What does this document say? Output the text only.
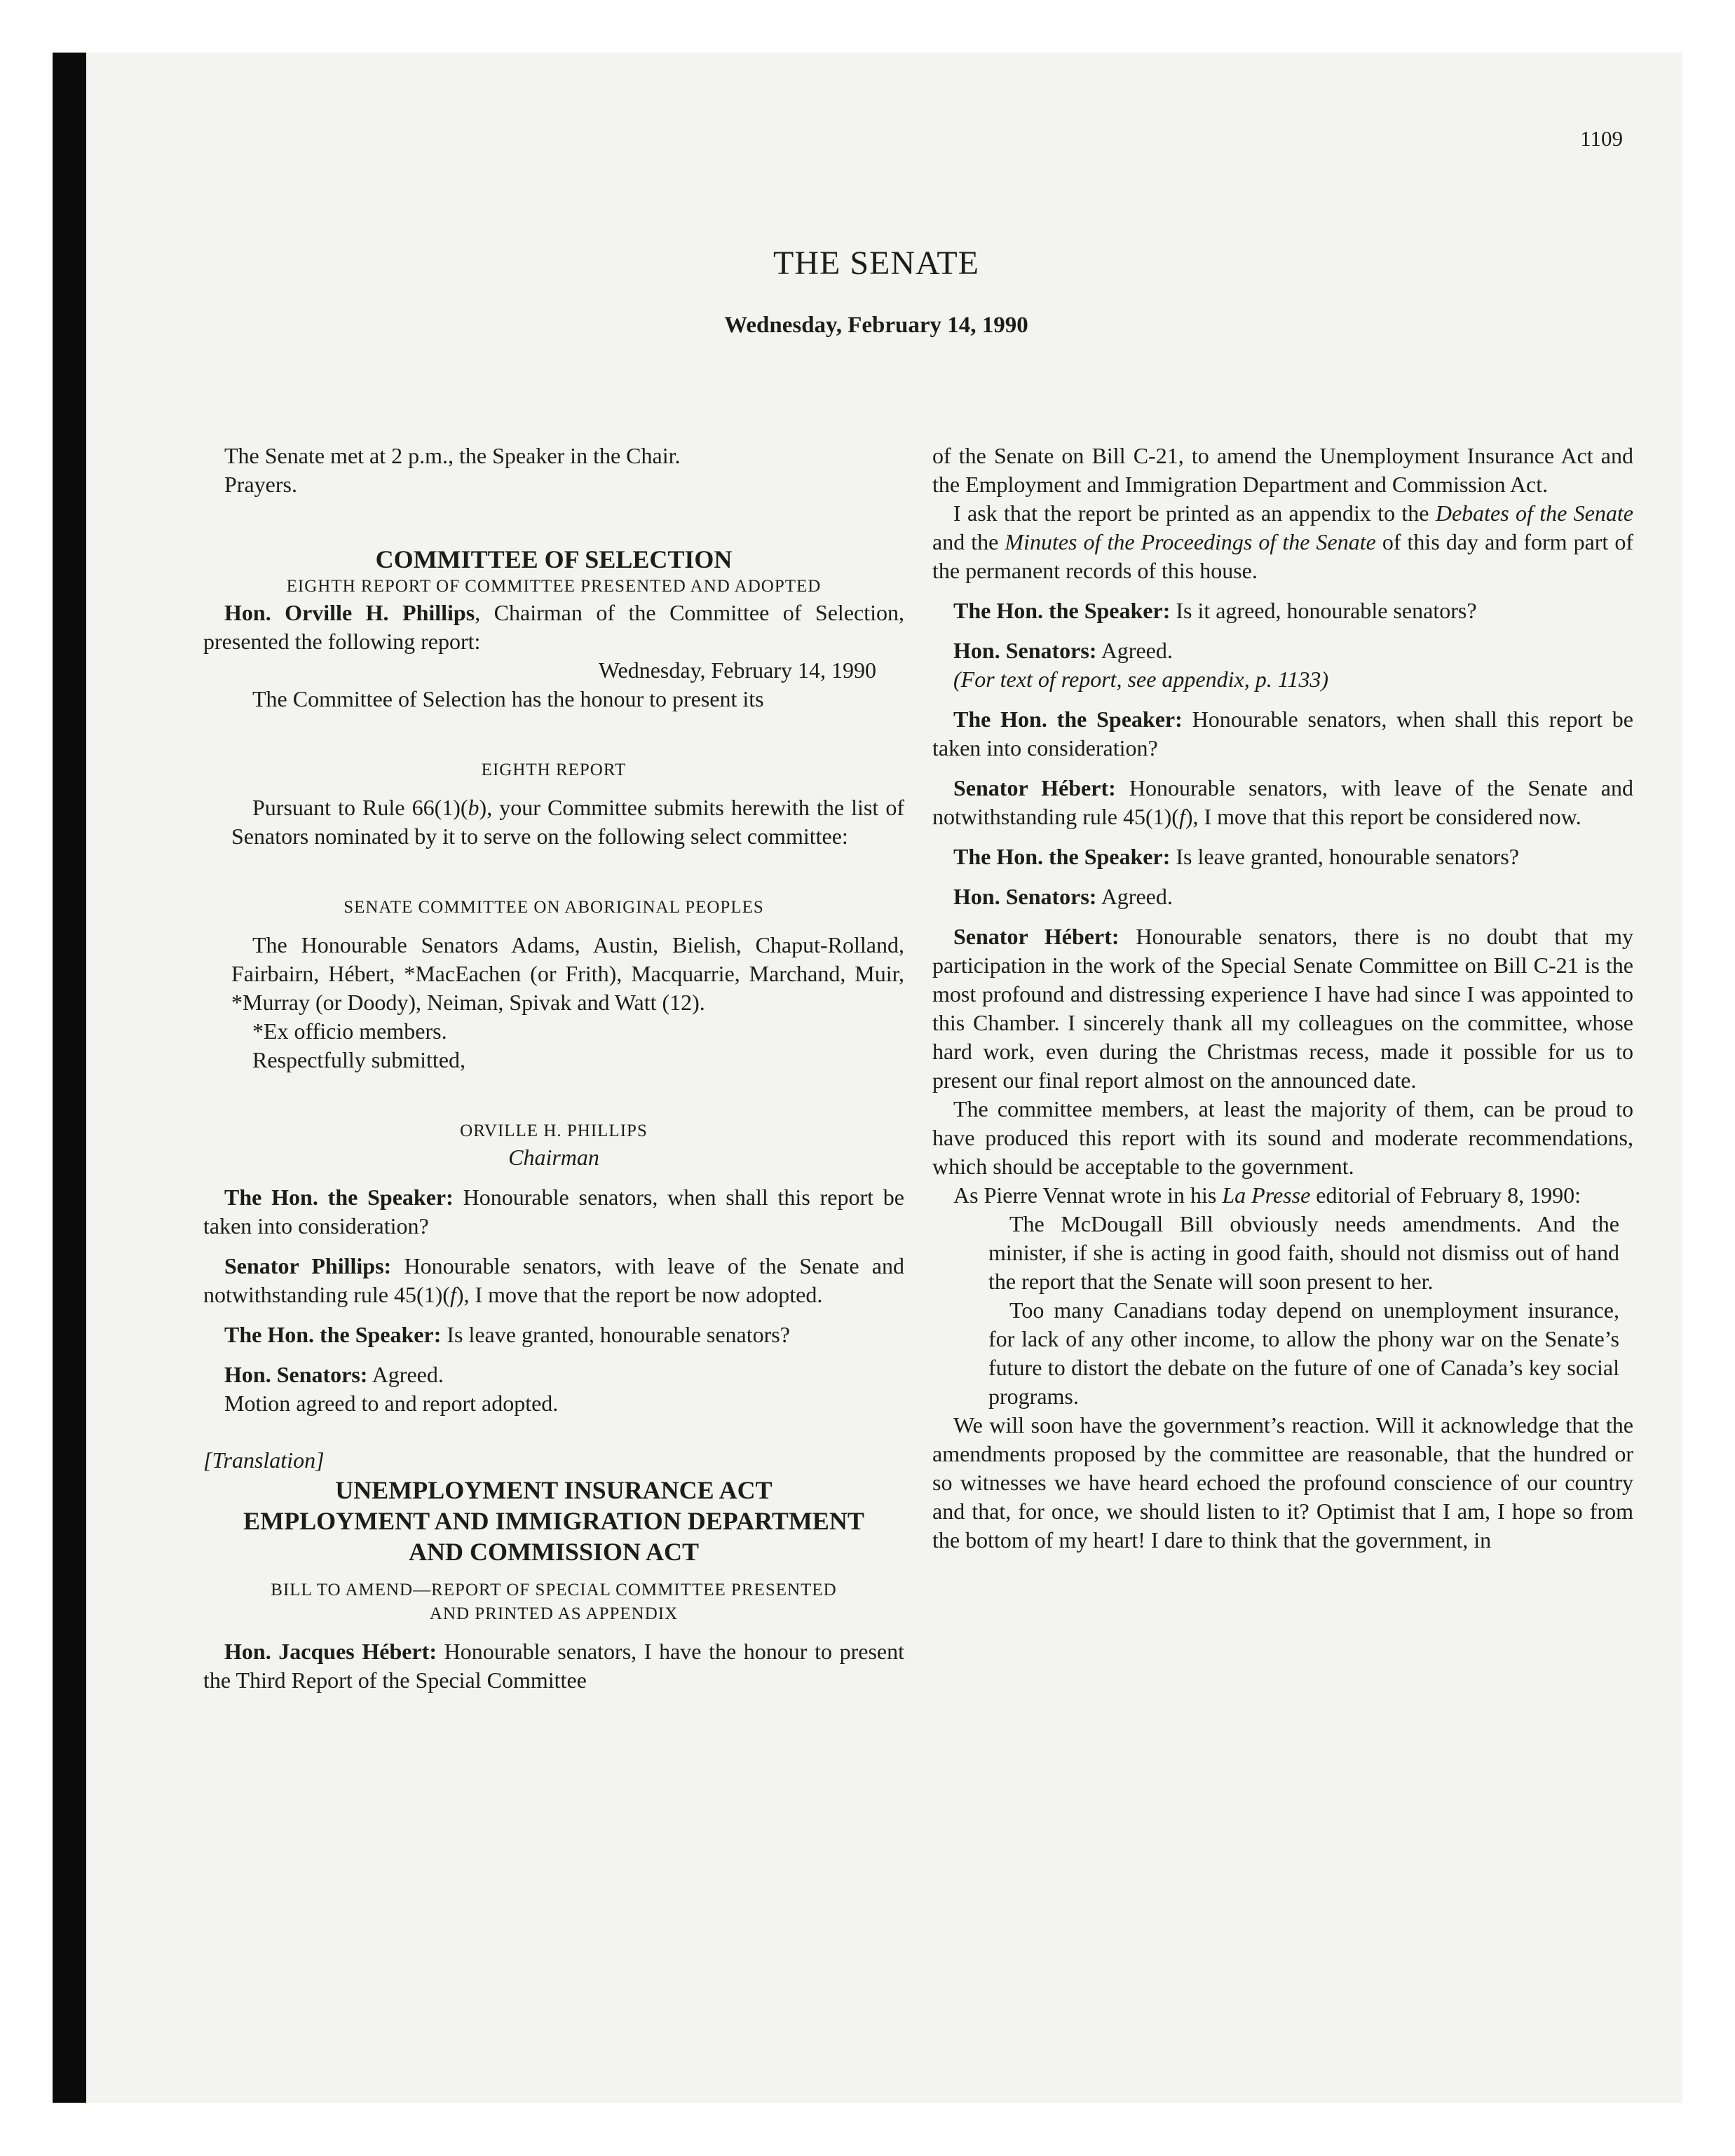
1109
THE SENATE
Wednesday, February 14, 1990

The Senate met at 2 p.m., the Speaker in the Chair.

Prayers.

COMMITTEE OF SELECTION

EIGHTH REPORT OF COMMITTEE PRESENTED AND ADOPTED

Hon. Orville H. Phillips, Chairman of the Committee of Selection, presented the following report:

Wednesday, February 14, 1990

The Committee of Selection has the honour to present its

EIGHTH REPORT

Pursuant to Rule 66(1)(b), your Committee submits herewith the list of Senators nominated by it to serve on the following select committee:

SENATE COMMITTEE ON ABORIGINAL PEOPLES

The Honourable Senators Adams, Austin, Bielish, Chaput-Rolland, Fairbairn, Hébert, *MacEachen (or Frith), Macquarrie, Marchand, Muir, *Murray (or Doody), Neiman, Spivak and Watt (12).

*Ex officio members.

Respectfully submitted,

ORVILLE H. PHILLIPS

Chairman

The Hon. the Speaker: Honourable senators, when shall this report be taken into consideration?

Senator Phillips: Honourable senators, with leave of the Senate and notwithstanding rule 45(1)(f), I move that the report be now adopted.

The Hon. the Speaker: Is leave granted, honourable senators?

Hon. Senators: Agreed.

Motion agreed to and report adopted.

[Translation]

UNEMPLOYMENT INSURANCE ACT

EMPLOYMENT AND IMMIGRATION DEPARTMENT

AND COMMISSION ACT

BILL TO AMEND—REPORT OF SPECIAL COMMITTEE PRESENTED

AND PRINTED AS APPENDIX

Hon. Jacques Hébert: Honourable senators, I have the honour to present the Third Report of the Special Committee

of the Senate on Bill C-21, to amend the Unemployment Insurance Act and the Employment and Immigration Department and Commission Act.

I ask that the report be printed as an appendix to the Debates of the Senate and the Minutes of the Proceedings of the Senate of this day and form part of the permanent records of this house.

The Hon. the Speaker: Is it agreed, honourable senators?

Hon. Senators: Agreed.

(For text of report, see appendix, p. 1133)

The Hon. the Speaker: Honourable senators, when shall this report be taken into consideration?

Senator Hébert: Honourable senators, with leave of the Senate and notwithstanding rule 45(1)(f), I move that this report be considered now.

The Hon. the Speaker: Is leave granted, honourable senators?

Hon. Senators: Agreed.

Senator Hébert: Honourable senators, there is no doubt that my participation in the work of the Special Senate Committee on Bill C-21 is the most profound and distressing experience I have had since I was appointed to this Chamber. I sincerely thank all my colleagues on the committee, whose hard work, even during the Christmas recess, made it possible for us to present our final report almost on the announced date.

The committee members, at least the majority of them, can be proud to have produced this report with its sound and moderate recommendations, which should be acceptable to the government.

As Pierre Vennat wrote in his La Presse editorial of February 8, 1990:

The McDougall Bill obviously needs amendments. And the minister, if she is acting in good faith, should not dismiss out of hand the report that the Senate will soon present to her.

Too many Canadians today depend on unemployment insurance, for lack of any other income, to allow the phony war on the Senate’s future to distort the debate on the future of one of Canada’s key social programs.

We will soon have the government’s reaction. Will it acknowledge that the amendments proposed by the committee are reasonable, that the hundred or so witnesses we have heard echoed the profound conscience of our country and that, for once, we should listen to it? Optimist that I am, I hope so from the bottom of my heart! I dare to think that the government, in
